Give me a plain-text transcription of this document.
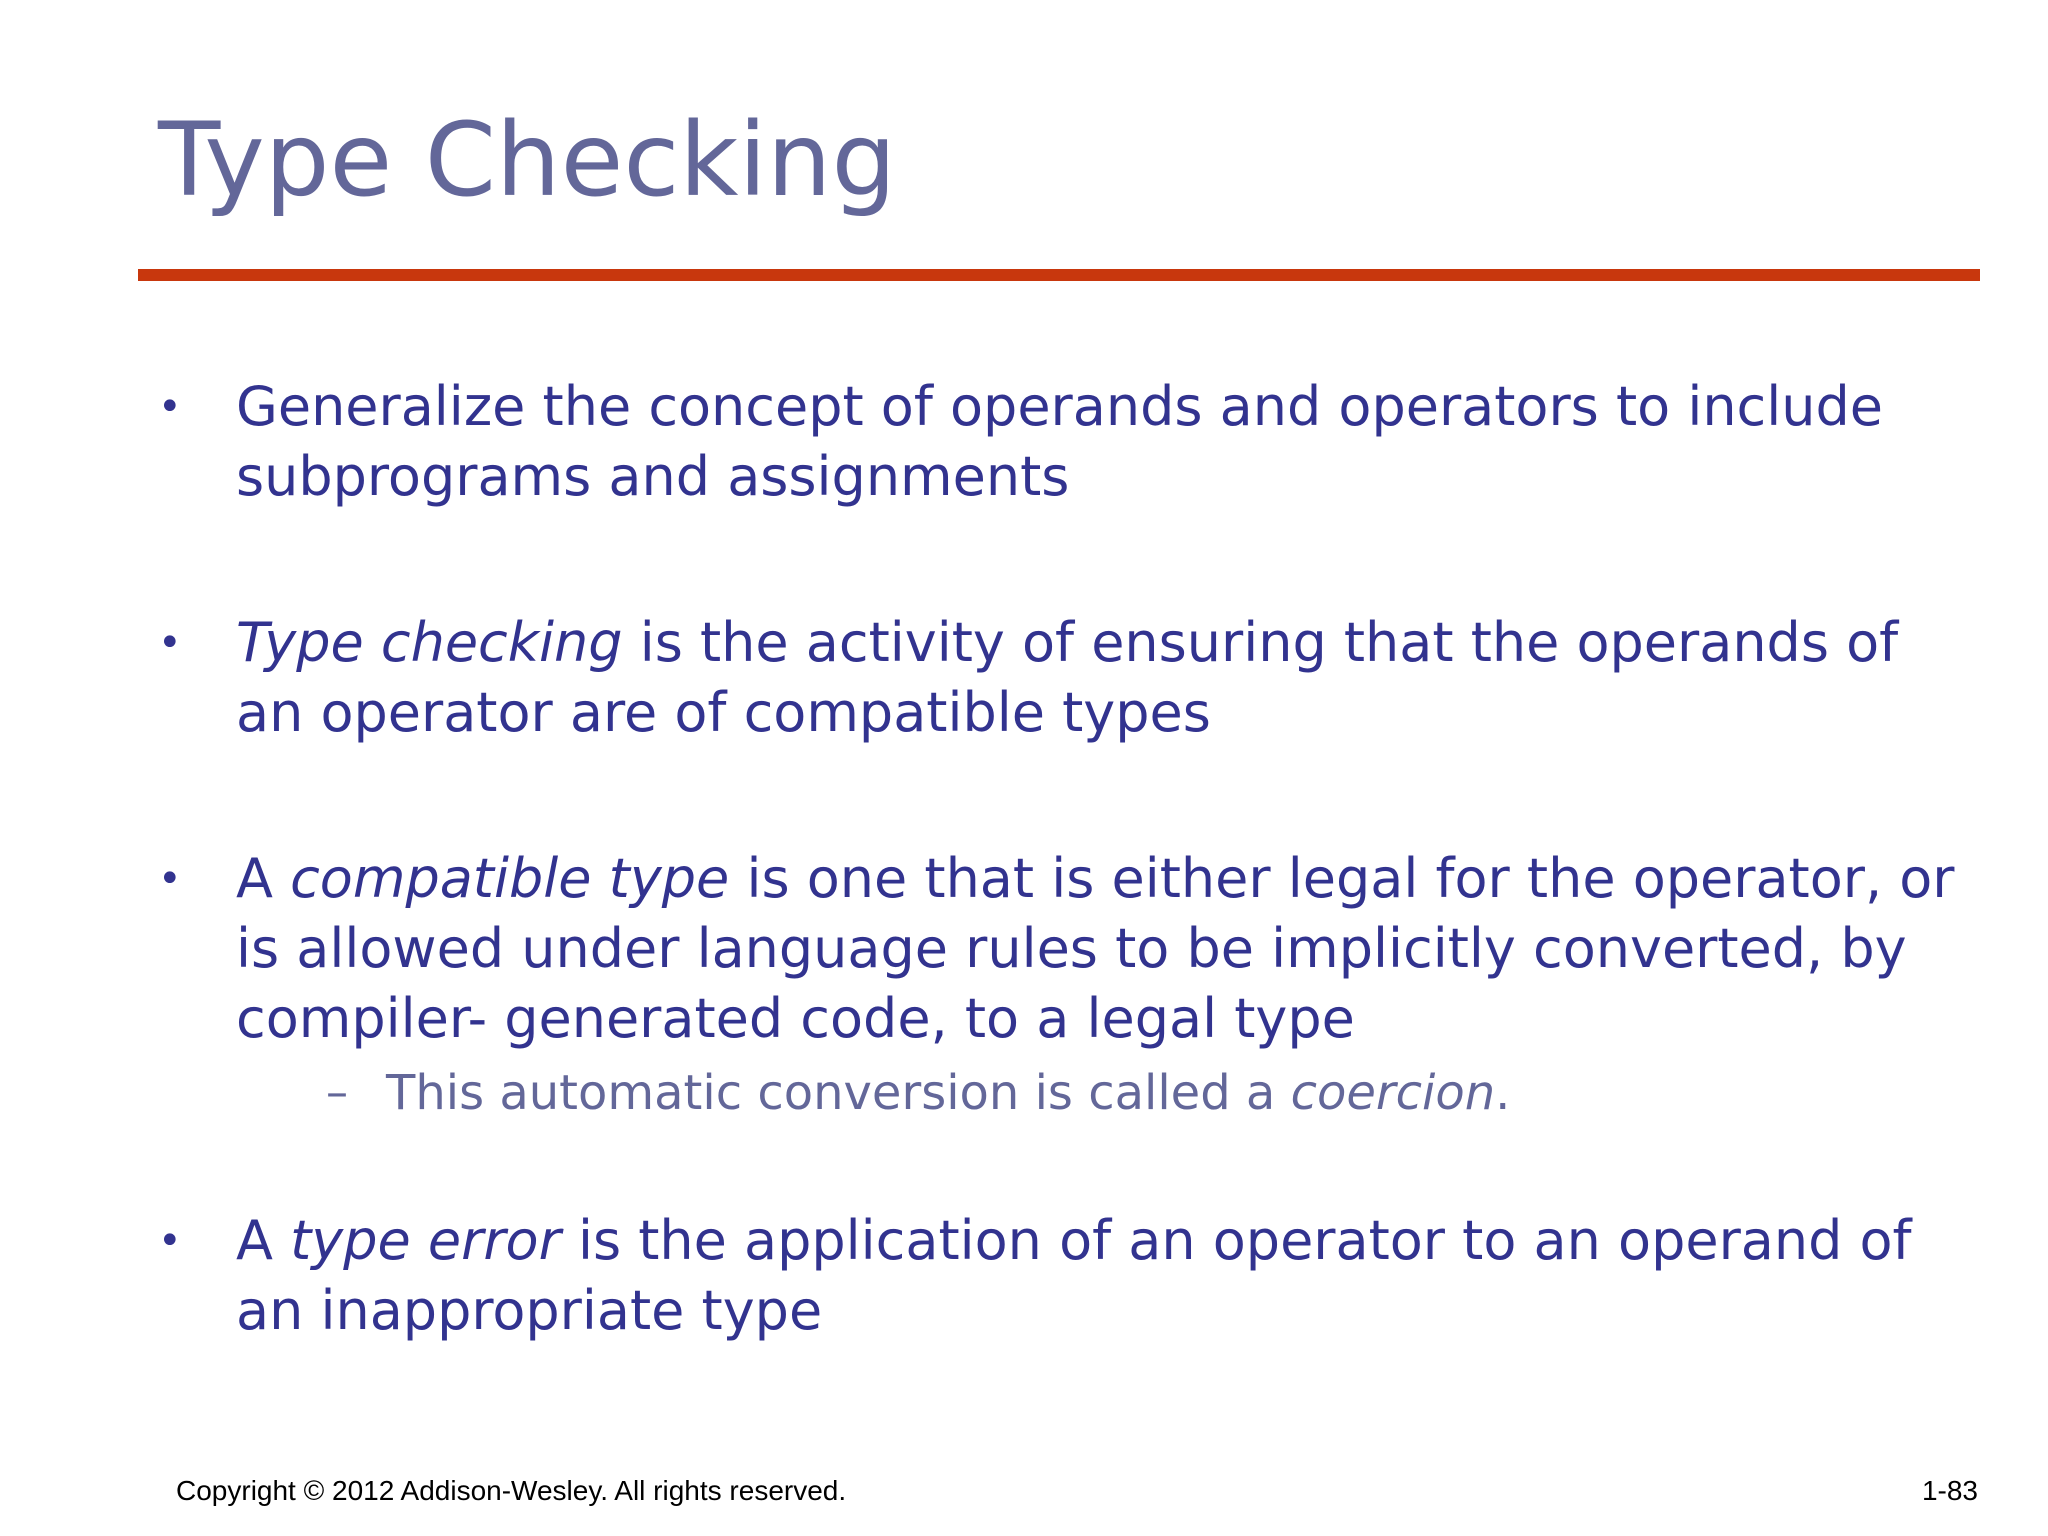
Type Checking
• Generalize the concept of operands and operators to include subprograms and assignments
• Type checking is the activity of ensuring that the operands of an operator are of compatible types
• A compatible type is one that is either legal for the operator, or is allowed under language rules to be implicitly converted, by compiler- generated code, to a legal type
– This automatic conversion is called a coercion.
• A type error is the application of an operator to an operand of an inappropriate type
Copyright © 2012 Addison-Wesley. All rights reserved.	1-83
